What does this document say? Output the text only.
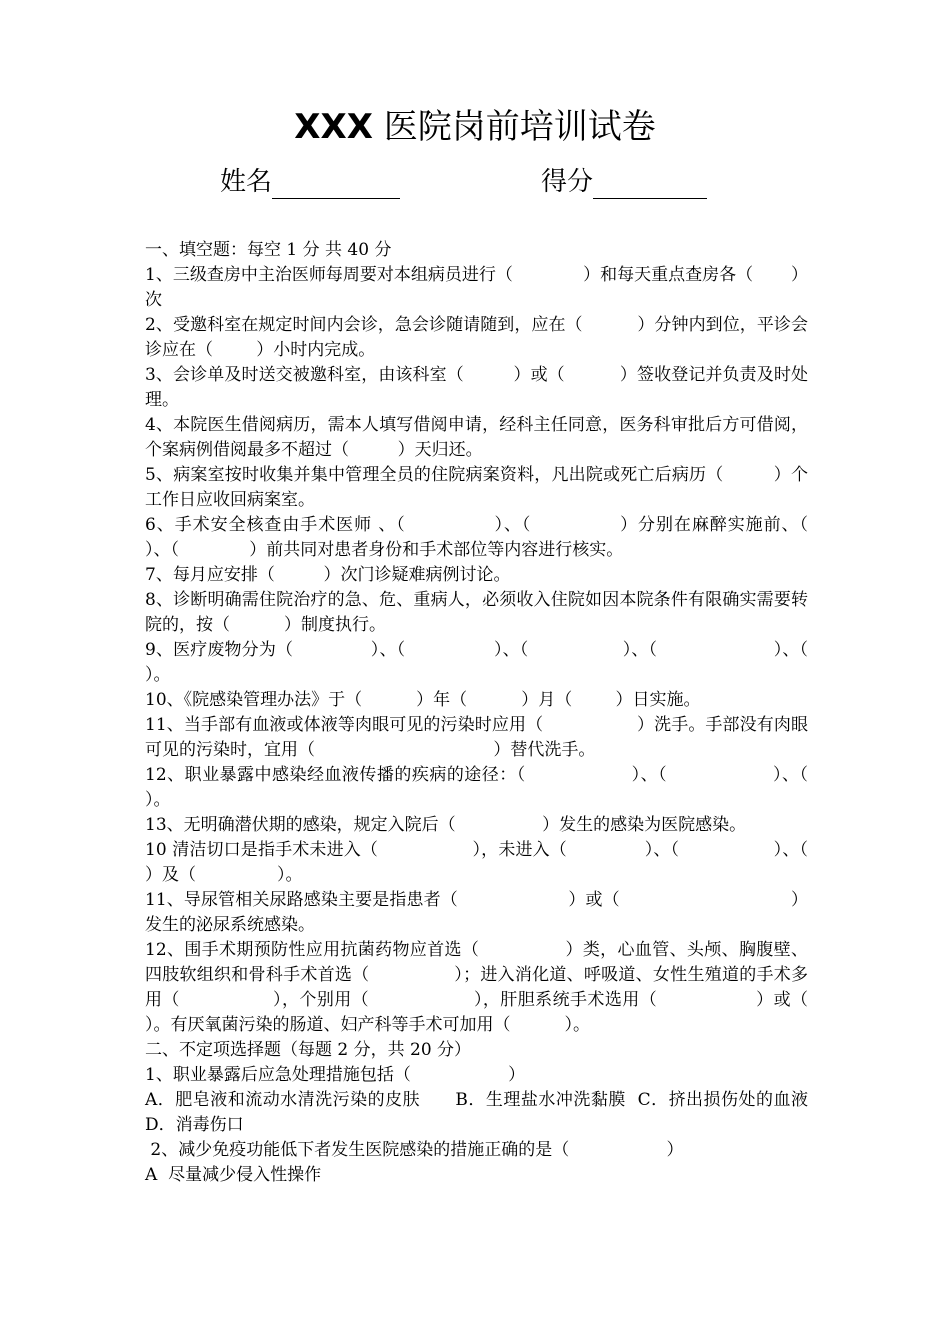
XXX 医院岗前培训试卷
姓名	得分

一、填空题：每空 1 分 共 40 分

1、三级查房中主治医师每周要对本组病员进行（             ）和每天重点查房各（       ）次

2、受邀科室在规定时间内会诊，急会诊随请随到，应在（          ）分钟内到位，平诊会诊应在（        ）小时内完成。

3、会诊单及时送交被邀科室，由该科室（         ）或（          ）签收登记并负责及时处理。

4、本院医生借阅病历，需本人填写借阅申请，经科主任同意，医务科审批后方可借阅，个案病例借阅最多不超过（         ）天归还。

5、病案室按时收集并集中管理全员的住院病案资料，凡出院或死亡后病历（         ）个工作日应收回病案室。

6、手术安全核查由手术医师 、（              ）、（              ）分别在麻醉实施前、（              ）、（             ）前共同对患者身份和手术部位等内容进行核实。

7、每月应安排（         ）次门诊疑难病例讨论。

8、诊断明确需住院治疗的急、危、重病人，必须收入住院如因本院条件有限确实需要转院的，按（          ）制度执行。

9、医疗废物分为（              ）、（                ）、（                 ）、（                     ）、（                ）。

10、《院感染管理办法》于（          ）年（          ）月（        ）日实施。

11、当手部有血液或体液等肉眼可见的污染时应用（                 ）洗手。手部没有肉眼可见的污染时，宜用（                                 ）替代洗手。

12、职业暴露中感染经血液传播的疾病的途径：（                  ）、（                  ）、（               ）。

13、无明确潜伏期的感染，规定入院后（                ）发生的感染为医院感染。

10 清洁切口是指手术未进入（                 ），未进入（              ）、（                 ）、（               ）及（               ）。

11、导尿管相关尿路感染主要是指患者（                    ）或（                               ）发生的泌尿系统感染。

12、围手术期预防性应用抗菌药物应首选（               ）类，心血管、头颅、胸腹壁、四肢软组织和骨科手术首选（               ）；进入消化道、呼吸道、女性生殖道的手术多用（                ），个别用（                  ），肝胆系统手术选用（                 ）或（                 ）。有厌氧菌污染的肠道、妇产科等手术可加用（          ）。

二、不定项选择题（每题 2 分，共 20 分）

1、职业暴露后应急处理措施包括（                  ）

A．肥皂液和流动水清洗污染的皮肤      B．生理盐水冲洗黏膜  C．挤出损伤处的血液      D．消毒伤口

2、减少免疫功能低下者发生医院感染的措施正确的是（                  ）

A  尽量减少侵入性操作
